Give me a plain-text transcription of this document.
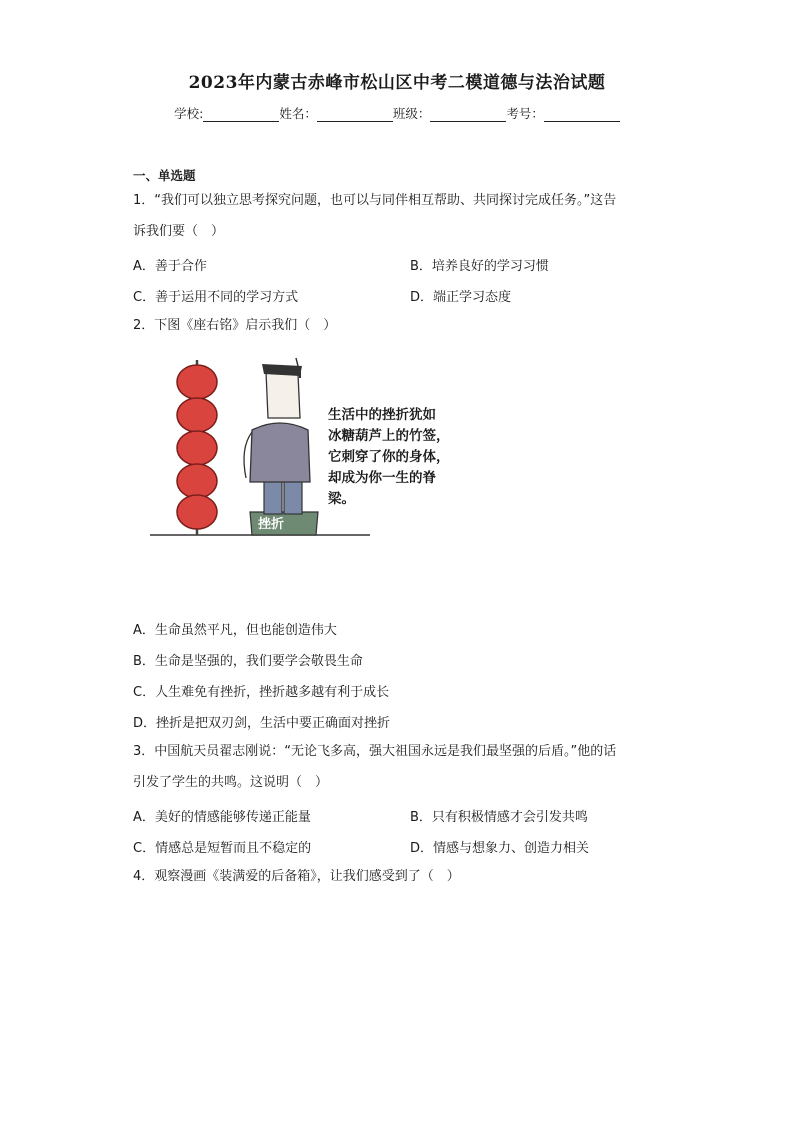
2023年内蒙古赤峰市松山区中考二模道德与法治试题
学校:	姓名：	班级：	考号：
一、单选题
1．“我们可以独立思考探究问题，也可以与同伴相互帮助、共同探讨完成任务。”这告
诉我们要（　）
A．善于合作	B．培养良好的学习习惯
C．善于运用不同的学习方式	D．端正学习态度
2．下图《座右铭》启示我们（　）
生活中的挫折犹如
冰糖葫芦上的竹签，
它刺穿了你的身体，
却成为你一生的脊
梁。
挫折
A．生命虽然平凡，但也能创造伟大
B．生命是坚强的，我们要学会敬畏生命
C．人生难免有挫折，挫折越多越有利于成长
D．挫折是把双刃剑，生活中要正确面对挫折
3．中国航天员翟志刚说：“无论飞多高，强大祖国永远是我们最坚强的后盾。”他的话
引发了学生的共鸣。这说明（　）
A．美好的情感能够传递正能量	B．只有积极情感才会引发共鸣
C．情感总是短暂而且不稳定的	D．情感与想象力、创造力相关
4．观察漫画《装满爱的后备箱》，让我们感受到了（　）
